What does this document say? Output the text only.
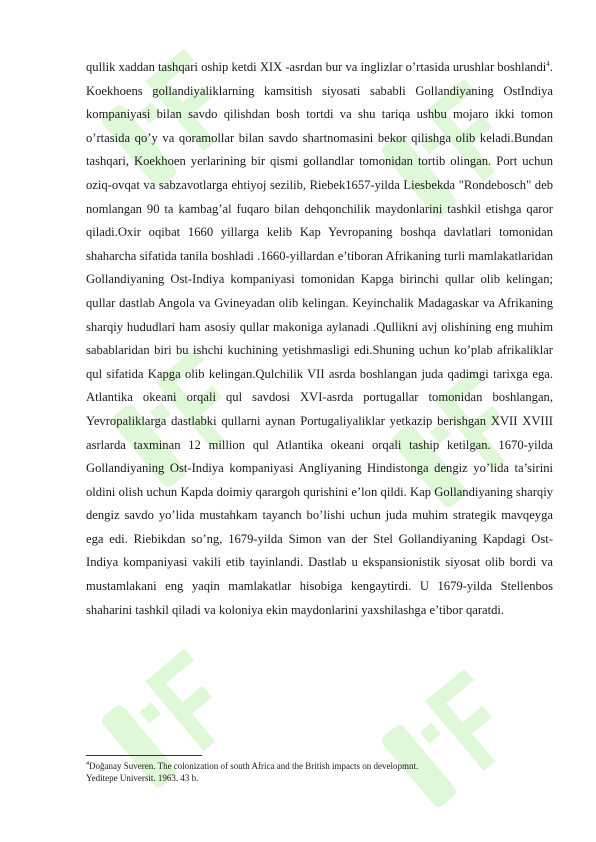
qullik xaddan tashqari oship ketdi XIX -asrdan bur va inglizlar o’rtasida urushlar boshlandi$^4$.

Koekhoens gollandiyaliklarning kamsitish siyosati sababli Gollandiyaning OstIndiya kompaniyasi bilan savdo qilishdan bosh tortdi va shu tariqa ushbu mojaro ikki tomon o’rtasida qo’y va qoramollar bilan savdo shartnomasini bekor qilishga olib keladi.Bundan tashqari, Koekhoen yerlarining bir qismi gollandlar tomonidan tortib olingan. Port uchun oziq-ovqat va sabzavotlarga ehtiyoj sezilib, Riebek1657-yilda Liesbekda "Rondebosch" deb nomlangan 90 ta kambag’al fuqaro bilan dehqonchilik maydonlarini tashkil etishga qaror qiladi.Oxir oqibat 1660 yillarga kelib Kap Yevropaning boshqa davlatlari tomonidan shaharcha sifatida tanila boshladi .1660-yillardan e’tiboran Afrikaning turli mamlakatlaridan Gollandiyaning Ost-Indiya kompaniyasi tomonidan Kapga birinchi qullar olib kelingan; qullar dastlab Angola va Gvineyadan olib kelingan. Keyinchalik Madagaskar va Afrikaning sharqiy hududlari ham asosiy qullar makoniga aylanadi .Qullikni avj olishining eng muhim sabablaridan biri bu ishchi kuchining yetishmasligi edi.Shuning uchun ko’plab afrikaliklar qul sifatida Kapga olib kelingan.Qulchilik VII asrda boshlangan juda qadimgi tarixga ega. Atlantika okeani orqali qul savdosi XVI-asrda portugallar tomonidan boshlangan, Yevropaliklarga dastlabki qullarni aynan Portugaliyaliklar yetkazip berishgan XVII XVIII asrlarda taxminan 12 million qul Atlantika okeani orqali taship ketilgan. 1670-yilda Gollandiyaning Ost-Indiya kompaniyasi Angliyaning Hindistonga dengiz yo’lida ta’sirini oldini olish uchun Kapda doimiy qarargoh qurishini e’lon qildi. Kap Gollandiyaning sharqiy dengiz savdo yo’lida mustahkam tayanch bo’lishi uchun juda muhim strategik mavqeyga ega edi. Riebikdan so’ng, 1679-yilda Simon van der Stel Gollandiyaning Kapdagi Ost-Indiya kompaniyasi vakili etib tayinlandi. Dastlab u ekspansionistik siyosat olib bordi va mustamlakani eng yaqin mamlakatlar hisobiga kengaytirdi. U 1679-yilda Stellenbos shaharini tashkil qiladi va koloniya ekin maydonlarini yaxshilashga e’tibor qaratdi.

$^4$Doğanay Suveren. The colonization of south Africa and the British impacts on developmnt.
Yeditepe Universit. 1963. 43 b.
